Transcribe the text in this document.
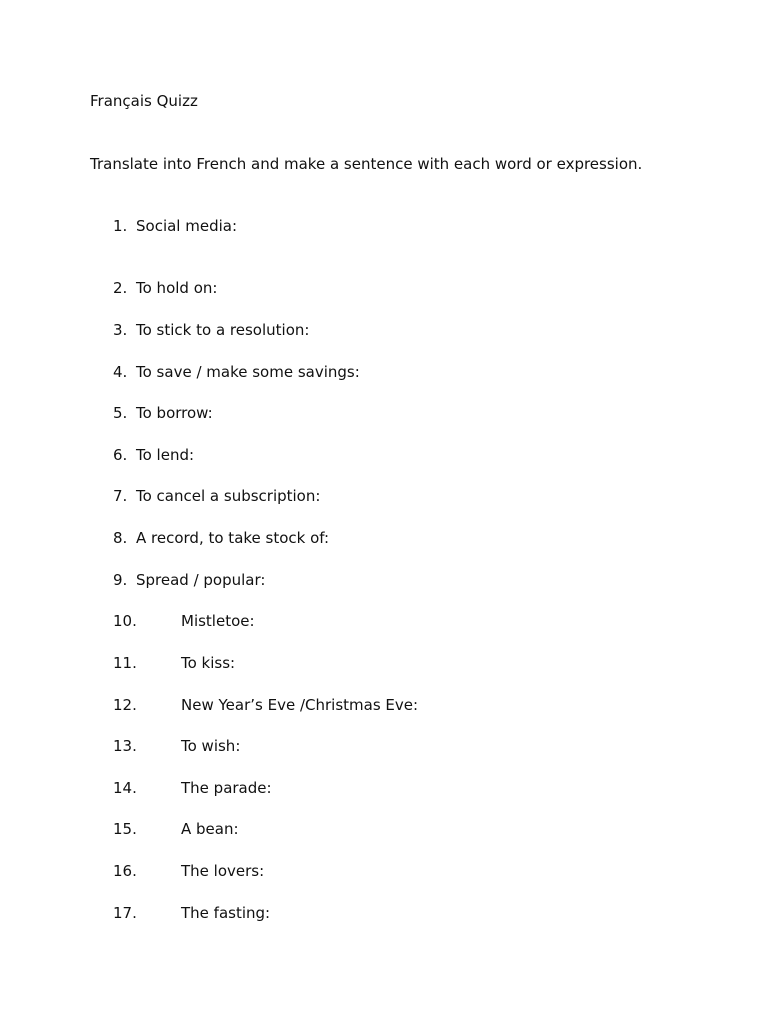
Français Quizz
Translate into French and make a sentence with each word or expression.
1. Social media:
2. To hold on:
3. To stick to a resolution:
4. To save / make some savings:
5. To borrow:
6. To lend:
7. To cancel a subscription:
8. A record, to take stock of:
9. Spread / popular:
10.	Mistletoe:
11.	To kiss:
12.	New Year’s Eve /Christmas Eve:
13.	To wish:
14.	The parade:
15.	A bean:
16.	The lovers:
17.	The fasting:
